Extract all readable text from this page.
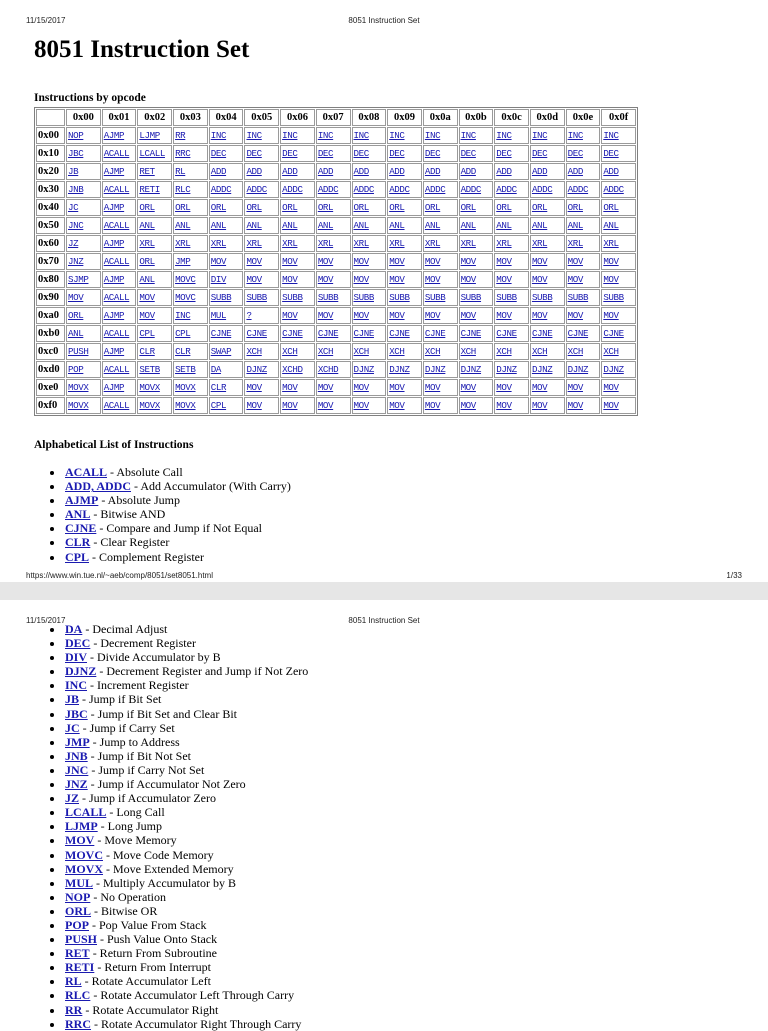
11/15/2017	8051 Instruction Set
8051 Instruction Set
Instructions by opcode
	0x00	0x01	0x02	0x03	0x04	0x05	0x06	0x07	0x08	0x09	0x0a	0x0b	0x0c	0x0d	0x0e	0x0f
0x00	NOP	AJMP	LJMP	RR	INC	INC	INC	INC	INC	INC	INC	INC	INC	INC	INC	INC
0x10	JBC	ACALL	LCALL	RRC	DEC	DEC	DEC	DEC	DEC	DEC	DEC	DEC	DEC	DEC	DEC	DEC
0x20	JB	AJMP	RET	RL	ADD	ADD	ADD	ADD	ADD	ADD	ADD	ADD	ADD	ADD	ADD	ADD
0x30	JNB	ACALL	RETI	RLC	ADDC	ADDC	ADDC	ADDC	ADDC	ADDC	ADDC	ADDC	ADDC	ADDC	ADDC	ADDC
0x40	JC	AJMP	ORL	ORL	ORL	ORL	ORL	ORL	ORL	ORL	ORL	ORL	ORL	ORL	ORL	ORL
0x50	JNC	ACALL	ANL	ANL	ANL	ANL	ANL	ANL	ANL	ANL	ANL	ANL	ANL	ANL	ANL	ANL
0x60	JZ	AJMP	XRL	XRL	XRL	XRL	XRL	XRL	XRL	XRL	XRL	XRL	XRL	XRL	XRL	XRL
0x70	JNZ	ACALL	ORL	JMP	MOV	MOV	MOV	MOV	MOV	MOV	MOV	MOV	MOV	MOV	MOV	MOV
0x80	SJMP	AJMP	ANL	MOVC	DIV	MOV	MOV	MOV	MOV	MOV	MOV	MOV	MOV	MOV	MOV	MOV
0x90	MOV	ACALL	MOV	MOVC	SUBB	SUBB	SUBB	SUBB	SUBB	SUBB	SUBB	SUBB	SUBB	SUBB	SUBB	SUBB
0xa0	ORL	AJMP	MOV	INC	MUL	?	MOV	MOV	MOV	MOV	MOV	MOV	MOV	MOV	MOV	MOV
0xb0	ANL	ACALL	CPL	CPL	CJNE	CJNE	CJNE	CJNE	CJNE	CJNE	CJNE	CJNE	CJNE	CJNE	CJNE	CJNE
0xc0	PUSH	AJMP	CLR	CLR	SWAP	XCH	XCH	XCH	XCH	XCH	XCH	XCH	XCH	XCH	XCH	XCH
0xd0	POP	ACALL	SETB	SETB	DA	DJNZ	XCHD	XCHD	DJNZ	DJNZ	DJNZ	DJNZ	DJNZ	DJNZ	DJNZ	DJNZ
0xe0	MOVX	AJMP	MOVX	MOVX	CLR	MOV	MOV	MOV	MOV	MOV	MOV	MOV	MOV	MOV	MOV	MOV
0xf0	MOVX	ACALL	MOVX	MOVX	CPL	MOV	MOV	MOV	MOV	MOV	MOV	MOV	MOV	MOV	MOV	MOV
Alphabetical List of Instructions
• ACALL - Absolute Call
• ADD, ADDC - Add Accumulator (With Carry)
• AJMP - Absolute Jump
• ANL - Bitwise AND
• CJNE - Compare and Jump if Not Equal
• CLR - Clear Register
• CPL - Complement Register
https://www.win.tue.nl/~aeb/comp/8051/set8051.html	1/33
11/15/2017	8051 Instruction Set
• DA - Decimal Adjust
• DEC - Decrement Register
• DIV - Divide Accumulator by B
• DJNZ - Decrement Register and Jump if Not Zero
• INC - Increment Register
• JB - Jump if Bit Set
• JBC - Jump if Bit Set and Clear Bit
• JC - Jump if Carry Set
• JMP - Jump to Address
• JNB - Jump if Bit Not Set
• JNC - Jump if Carry Not Set
• JNZ - Jump if Accumulator Not Zero
• JZ - Jump if Accumulator Zero
• LCALL - Long Call
• LJMP - Long Jump
• MOV - Move Memory
• MOVC - Move Code Memory
• MOVX - Move Extended Memory
• MUL - Multiply Accumulator by B
• NOP - No Operation
• ORL - Bitwise OR
• POP - Pop Value From Stack
• PUSH - Push Value Onto Stack
• RET - Return From Subroutine
• RETI - Return From Interrupt
• RL - Rotate Accumulator Left
• RLC - Rotate Accumulator Left Through Carry
• RR - Rotate Accumulator Right
• RRC - Rotate Accumulator Right Through Carry
